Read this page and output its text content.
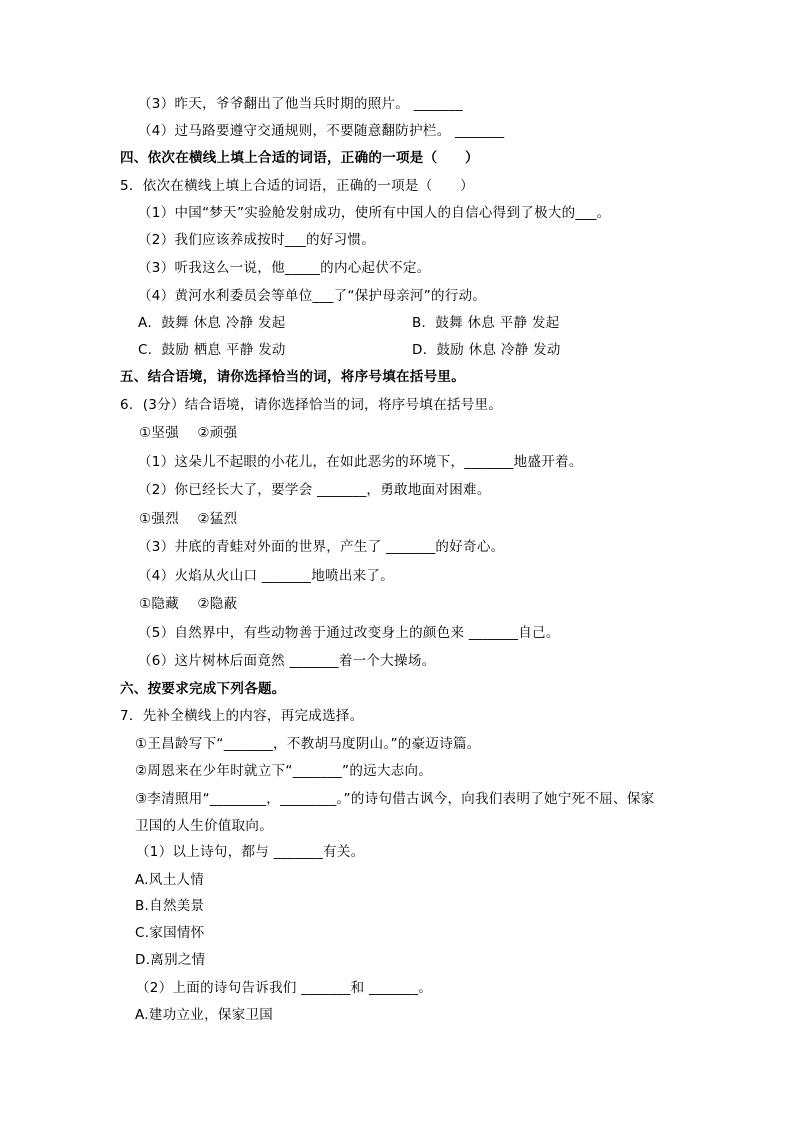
（3）昨天，爷爷翻出了他当兵时期的照片。 _______
（4）过马路要遵守交通规则，不要随意翻防护栏。 _______
四、依次在横线上填上合适的词语，正确的一项是（　　）
5．依次在横线上填上合适的词语，正确的一项是（　　）
（1）中国“梦天”实验舱发射成功，使所有中国人的自信心得到了极大的___。
（2）我们应该养成按时___的好习惯。
（3）听我这么一说，他_____的内心起伏不定。
（4）黄河水利委员会等单位___了“保护母亲河”的行动。
A．鼓舞 休息 冷静 发起	B．鼓舞 休息 平静 发起
C．鼓励 栖息 平静 发动	D．鼓励 休息 冷静 发动
五、结合语境，请你选择恰当的词，将序号填在括号里。
6．(3分）结合语境，请你选择恰当的词，将序号填在括号里。
①坚强　 ②顽强
（1）这朵儿不起眼的小花儿，在如此恶劣的环境下，_______地盛开着。
（2）你已经长大了，要学会 _______，勇敢地面对困难。
①强烈　 ②猛烈
（3）井底的青蛙对外面的世界，产生了 _______的好奇心。
（4）火焰从火山口 _______地喷出来了。
①隐藏　 ②隐蔽
（5）自然界中，有些动物善于通过改变身上的颜色来 _______自己。
（6）这片树林后面竟然 _______着一个大操场。
六、按要求完成下列各题。
7．先补全横线上的内容，再完成选择。
①王昌龄写下“_______，不教胡马度阴山。”的豪迈诗篇。
②周恩来在少年时就立下“_______”的远大志向。
③李清照用“________，________。”的诗句借古讽今，向我们表明了她宁死不屈、保家
卫国的人生价值取向。
（1）以上诗句，都与 _______有关。
A.风土人情
B.自然美景
C.家国情怀
D.离别之情
（2）上面的诗句告诉我们 _______和 _______。
A.建功立业，保家卫国
